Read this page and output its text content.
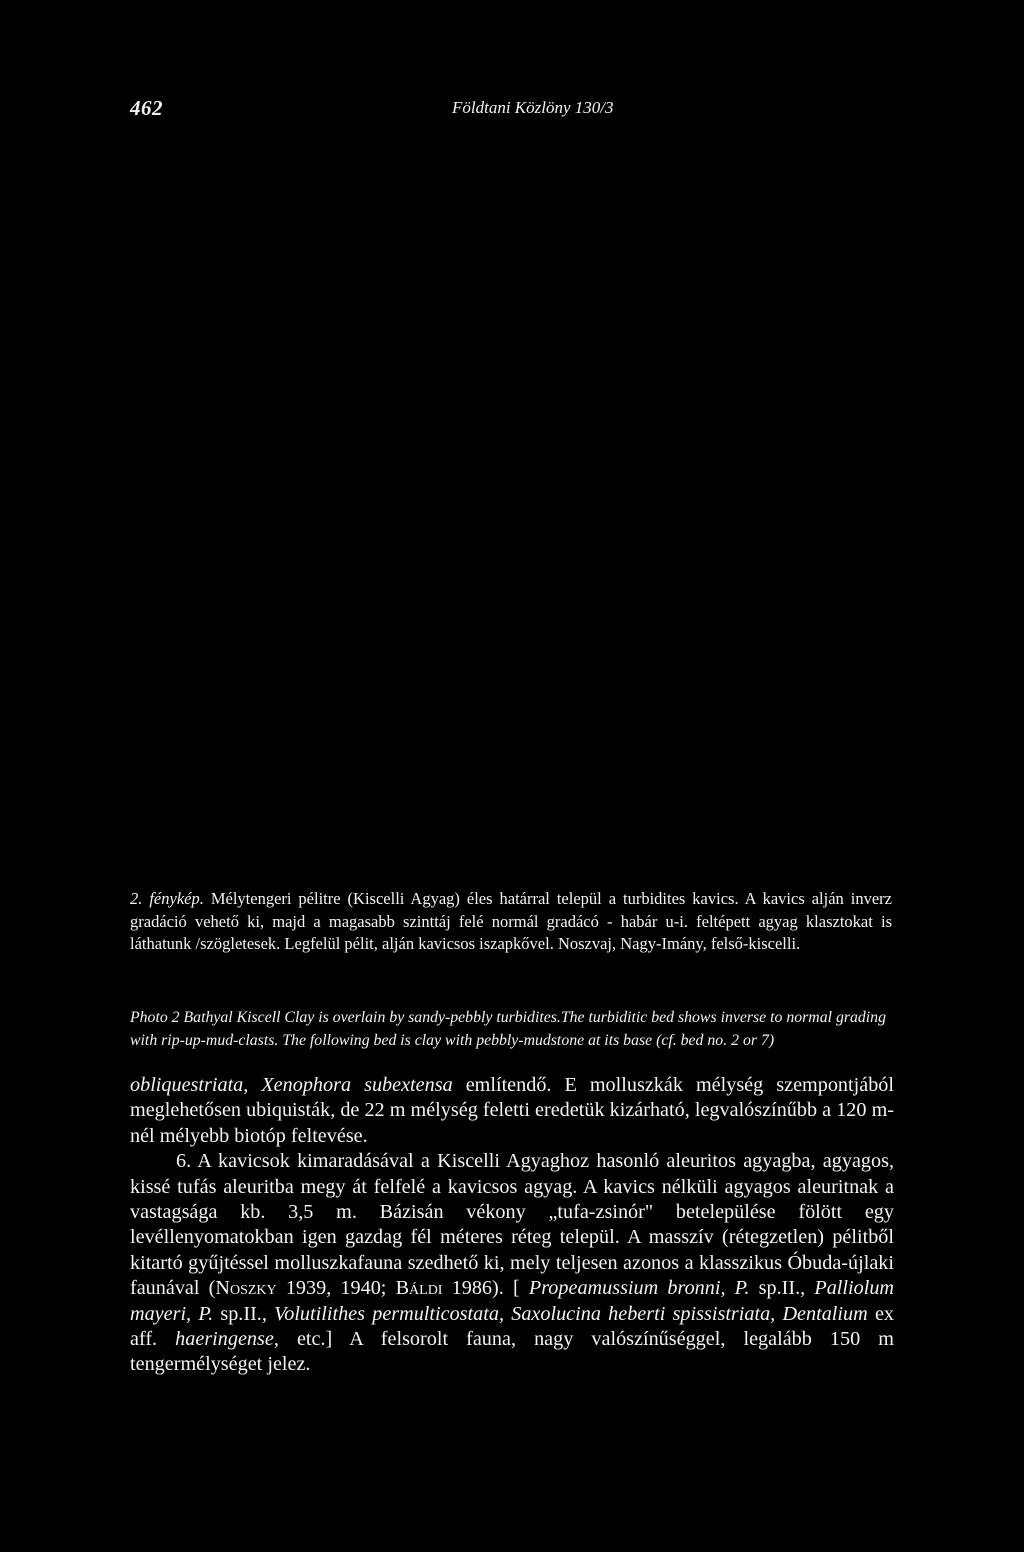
462	Földtani Közlöny 130/3

2. fénykép. Mélytengeri pélitre (Kiscelli Agyag) éles határral települ a turbidites kavics. A kavics alján inverz gradáció vehető ki, majd a magasabb szinttáj felé normál gradácó - habár u-i. feltépett agyag klasztokat is láthatunk /szögletesek. Legfelül pélit, alján kavicsos iszapkővel. Noszvaj, Nagy-Imány, felső-kiscelli.

Photo 2 Bathyal Kiscell Clay is overlain by sandy-pebbly turbidites.The turbiditic bed shows inverse to normal grading with rip-up-mud-clasts. The following bed is clay with pebbly-mudstone at its base (cf. bed no. 2 or 7)

obliquestriata, Xenophora subextensa említendő. E molluszkák mélység szempontjából meglehetősen ubiquisták, de 22 m mélység feletti eredetük kizárható, legvalószínűbb a 120 m-nél mélyebb biotóp feltevése.

6. A kavicsok kimaradásával a Kiscelli Agyaghoz hasonló aleuritos agyagba, agyagos, kissé tufás aleuritba megy át felfelé a kavicsos agyag. A kavics nélküli agyagos aleuritnak a vastagsága kb. 3,5 m. Bázisán vékony „tufa-zsinór" betelepülése fölött egy levéllenyomatokban igen gazdag fél méteres réteg települ. A masszív (rétegzetlen) pélitből kitartó gyűjtéssel molluszkafauna szedhető ki, mely teljesen azonos a klasszikus Óbuda-újlaki faunával (Noszky 1939, 1940; Báldi 1986). [ Propeamussium bronni, P. sp.II., Palliolum mayeri, P. sp.II., Volutilithes permulticostata, Saxolucina heberti spissistriata, Dentalium ex aff. haeringense, etc.] A felsorolt fauna, nagy valószínűséggel, legalább 150 m tengermélységet jelez.
